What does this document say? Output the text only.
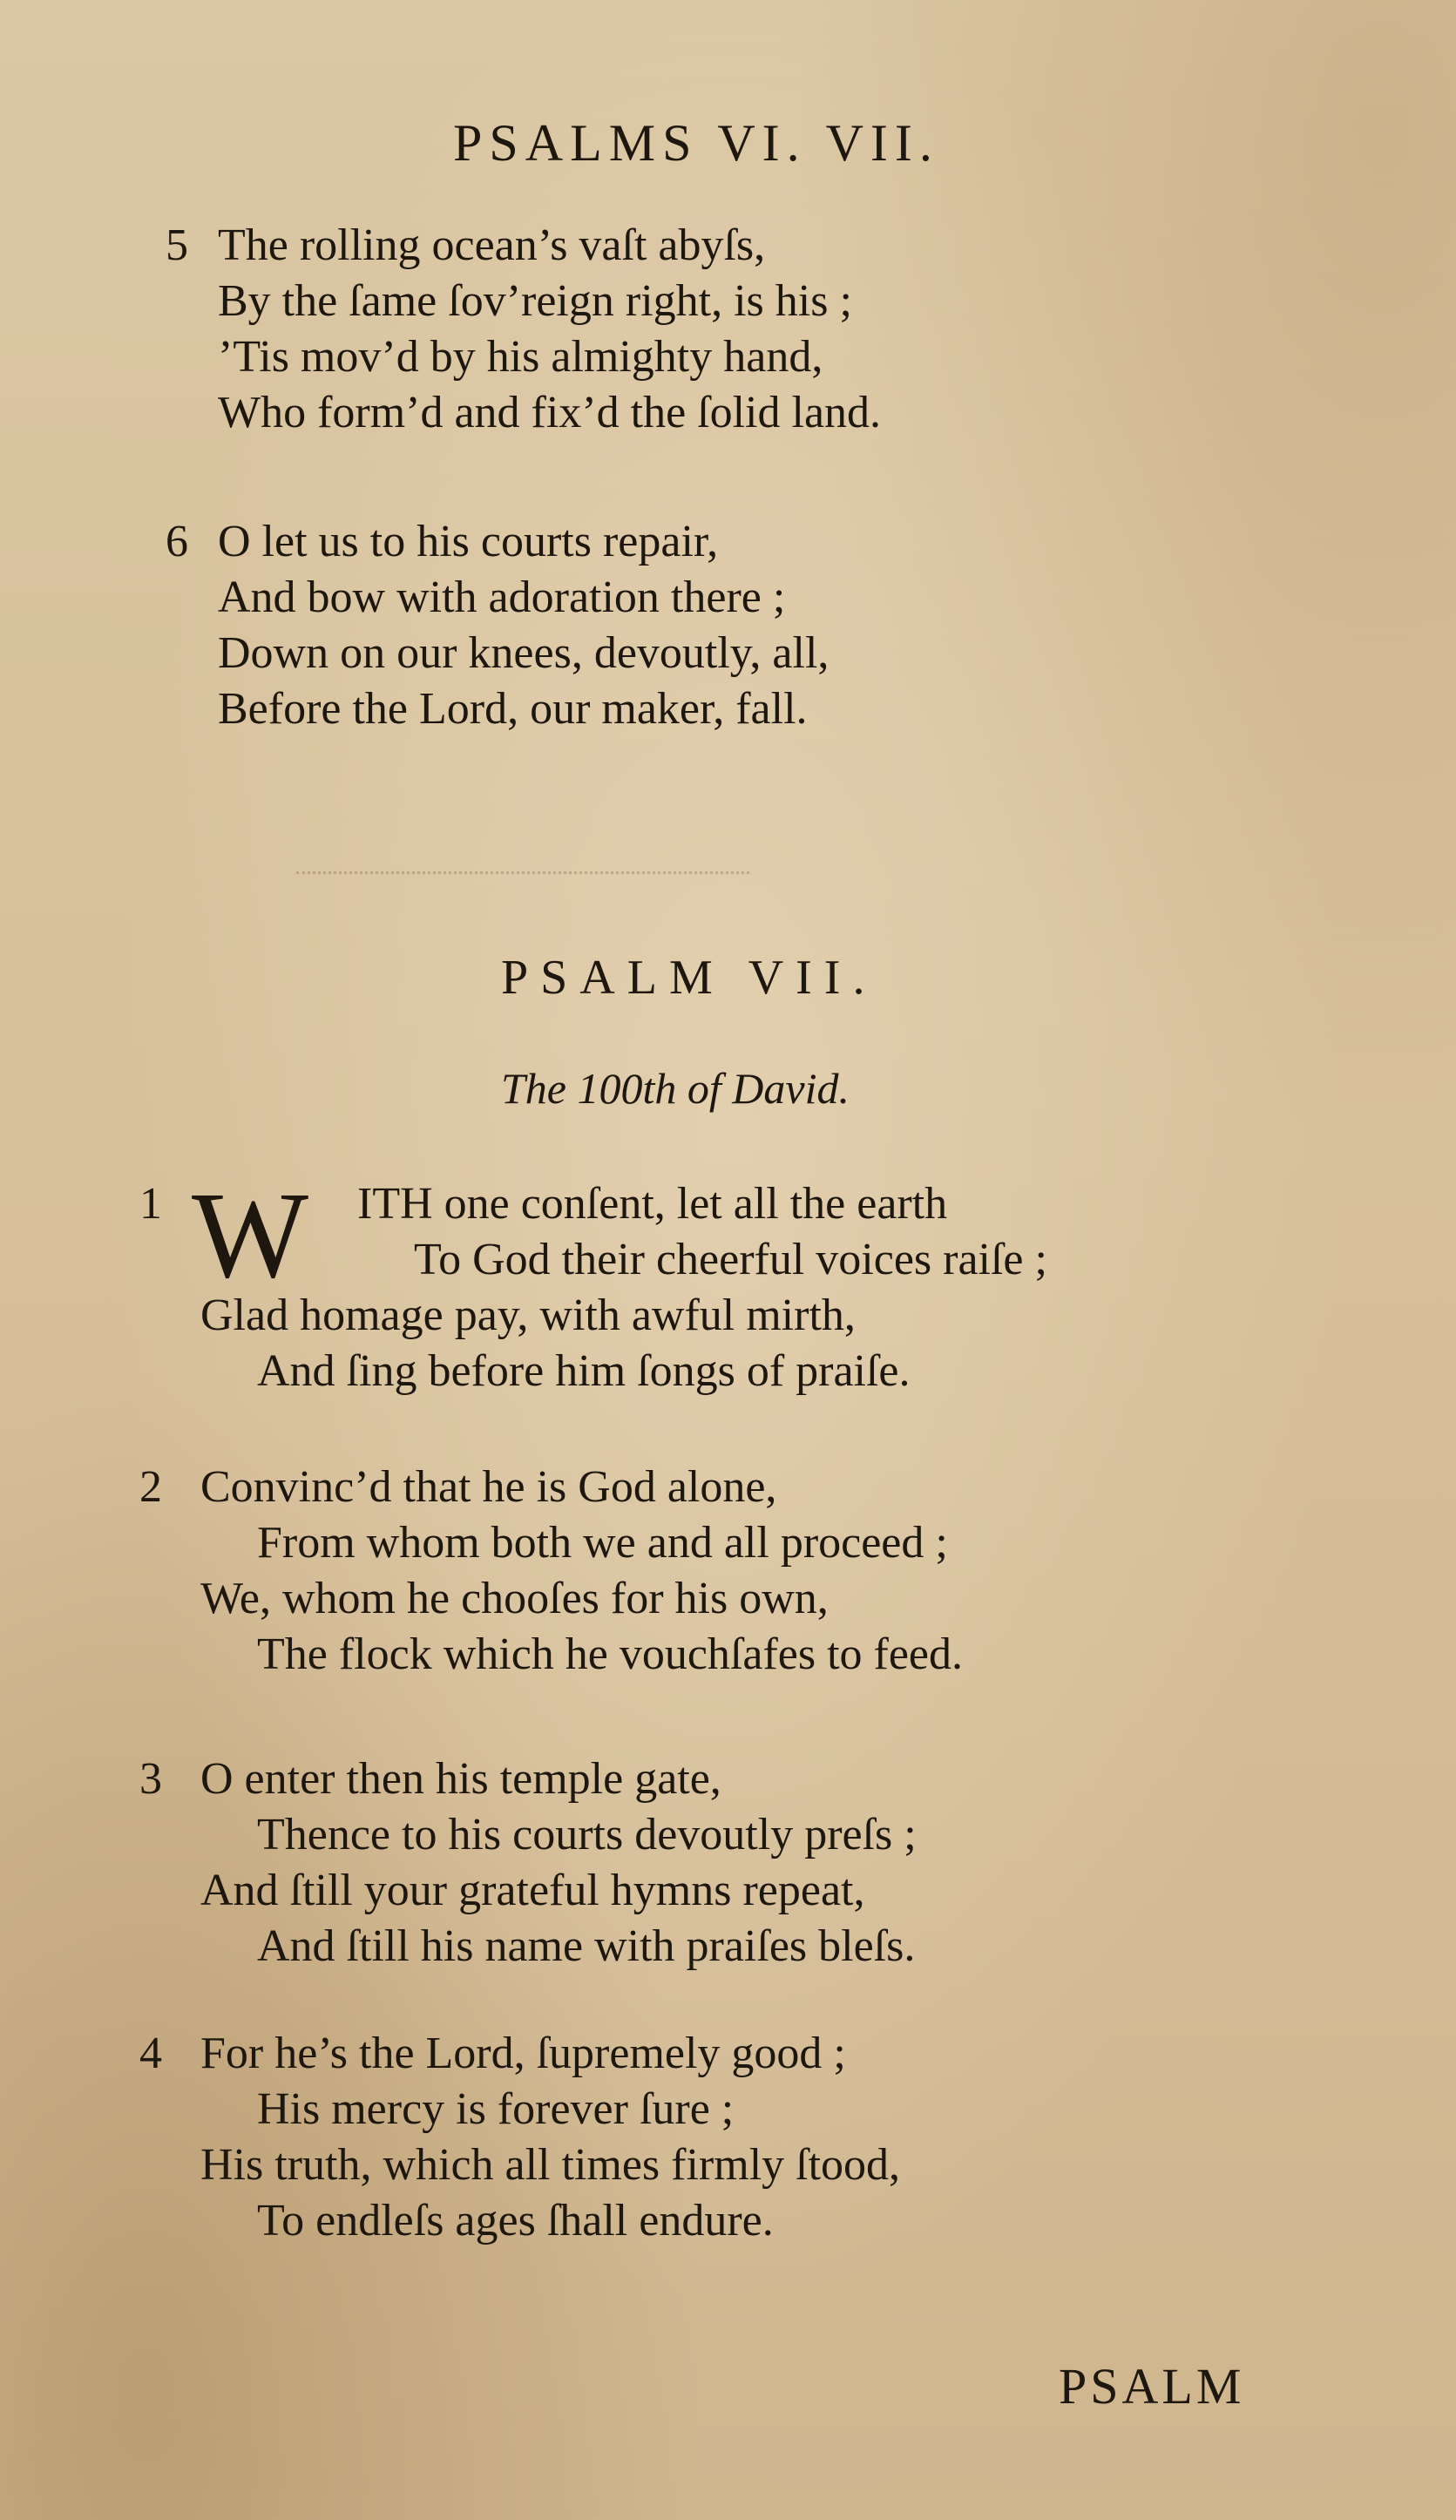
PSALMS VI. VII.
5 The rolling ocean’s vaſt abyſs,
By the ſame ſov’reign right, is his ;
’Tis mov’d by his almighty hand,
Who form’d and fix’d the ſolid land.
6 O let us to his courts repair,
And bow with adoration there ;
Down on our knees, devoutly, all,
Before the Lord, our maker, fall.
PSALM VII.
The 100th of David.
1 W	ITH one conſent, let all the earth
To God their cheerful voices raiſe ;
Glad homage pay, with awful mirth,
And ſing before him ſongs of praiſe.
2 Convinc’d that he is God alone,
From whom both we and all proceed ;
We, whom he chooſes for his own,
The flock which he vouchſafes to feed.
3 O enter then his temple gate,
Thence to his courts devoutly preſs ;
And ſtill your grateful hymns repeat,
And ſtill his name with praiſes bleſs.
4 For he’s the Lord, ſupremely good ;
His mercy is forever ſure ;
His truth, which all times firmly ſtood,
To endleſs ages ſhall endure.
PSALM
